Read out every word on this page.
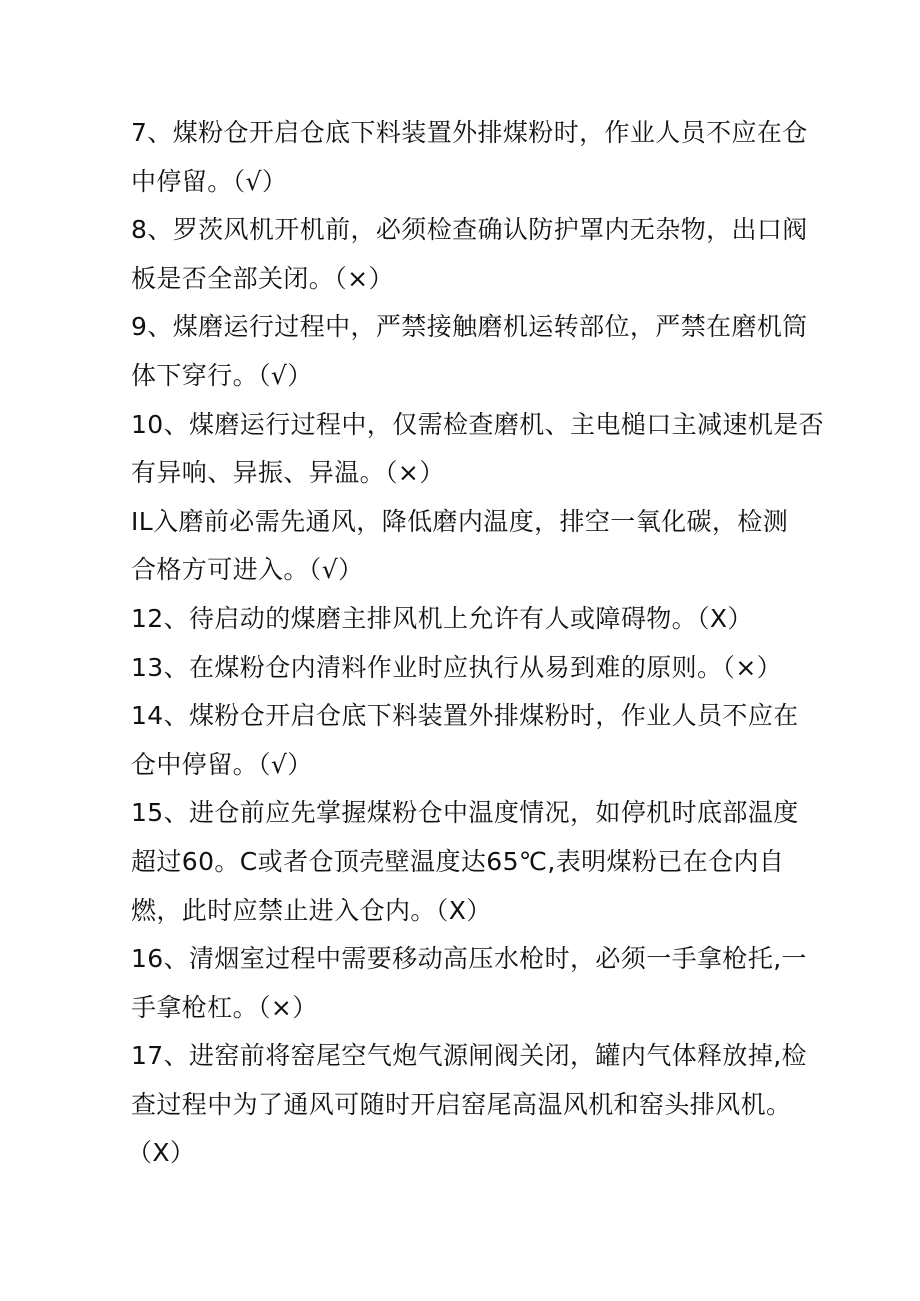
7、煤粉仓开启仓底下料装置外排煤粉时，作业人员不应在仓
中停留。（√）
8、罗茨风机开机前，必须检查确认防护罩内无杂物，出口阀
板是否全部关闭。（×）
9、煤磨运行过程中，严禁接触磨机运转部位，严禁在磨机筒
体下穿行。（√）
10、煤磨运行过程中，仅需检查磨机、主电槌口主减速机是否
有异响、异振、异温。（×）
IL入磨前必需先通风，降低磨内温度，排空一氧化碳，检测
合格方可进入。（√）
12、待启动的煤磨主排风机上允许有人或障碍物。（X）
13、在煤粉仓内清料作业时应执行从易到难的原则。（×）
14、煤粉仓开启仓底下料装置外排煤粉时，作业人员不应在
仓中停留。（√）
15、进仓前应先掌握煤粉仓中温度情况，如停机时底部温度
超过60。C或者仓顶壳壁温度达65℃,表明煤粉已在仓内自
燃，此时应禁止进入仓内。（X）
16、清烟室过程中需要移动高压水枪时，必须一手拿枪托,一
手拿枪杠。（×）
17、进窑前将窑尾空气炮气源闸阀关闭，罐内气体释放掉,检
查过程中为了通风可随时开启窑尾高温风机和窑头排风机。
（X）
